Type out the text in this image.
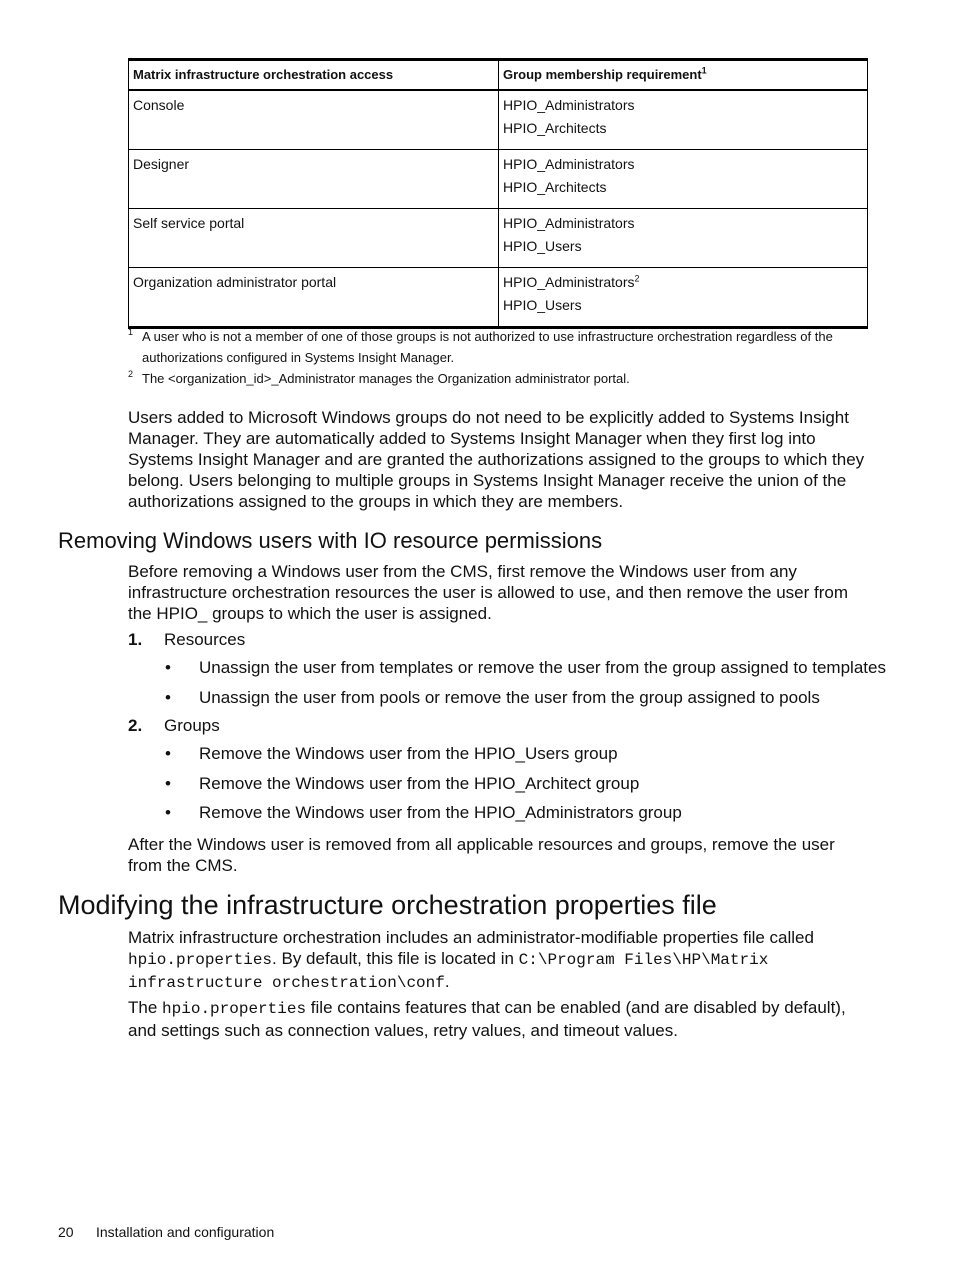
Matrix infrastructure orchestration access	Group membership requirement$^1$
Console	HPIO_Administrators
HPIO_Architects

Designer	HPIO_Administrators
HPIO_Architects

Self service portal	HPIO_Administrators
HPIO_Users

Organization administrator portal	HPIO_Administrators$^2$
HPIO_Users
1 A user who is not a member of one of those groups is not authorized to use infrastructure orchestration regardless of the authorizations configured in Systems Insight Manager.
2 The <organization_id>_Administrator manages the Organization administrator portal.

Users added to Microsoft Windows groups do not need to be explicitly added to Systems Insight Manager. They are automatically added to Systems Insight Manager when they first log into Systems Insight Manager and are granted the authorizations assigned to the groups to which they belong. Users belonging to multiple groups in Systems Insight Manager receive the union of the authorizations assigned to the groups in which they are members.

Removing Windows users with IO resource permissions

Before removing a Windows user from the CMS, first remove the Windows user from any infrastructure orchestration resources the user is allowed to use, and then remove the user from the HPIO_ groups to which the user is assigned.

1. Resources
• Unassign the user from templates or remove the user from the group assigned to templates
• Unassign the user from pools or remove the user from the group assigned to pools
2. Groups
• Remove the Windows user from the HPIO_Users group
• Remove the Windows user from the HPIO_Architect group
• Remove the Windows user from the HPIO_Administrators group

After the Windows user is removed from all applicable resources and groups, remove the user from the CMS.

Modifying the infrastructure orchestration properties file

Matrix infrastructure orchestration includes an administrator-modifiable properties file called hpio.properties. By default, this file is located in C:\Program Files\HP\Matrix infrastructure orchestration\conf.

The hpio.properties file contains features that can be enabled (and are disabled by default), and settings such as connection values, retry values, and timeout values.

20 Installation and configuration
